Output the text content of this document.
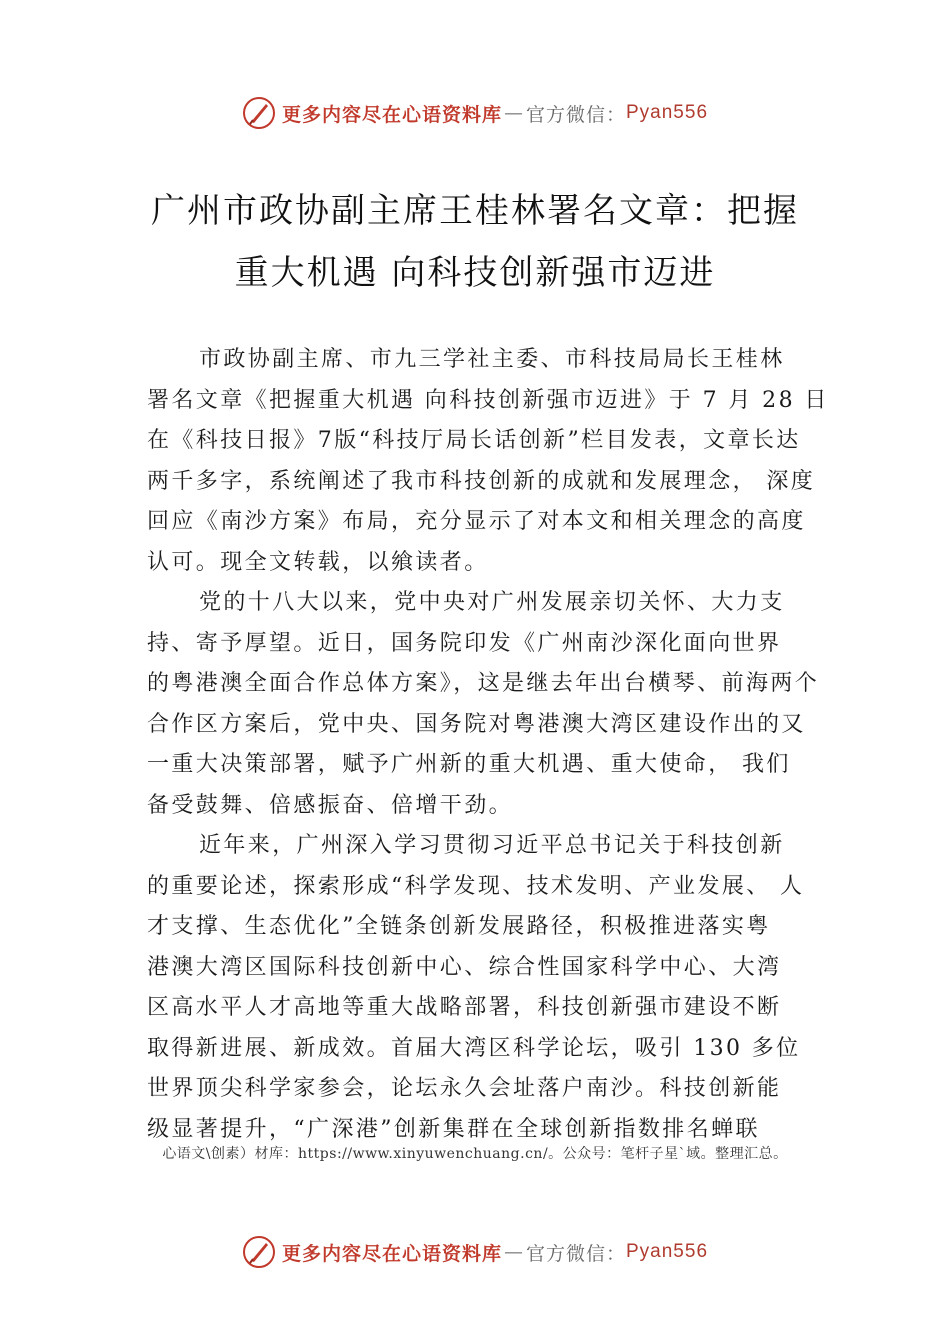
更多内容尽在心语资料库 — 官方微信： Pyan556
广州市政协副主席王桂林署名文章：把握
重大机遇 向科技创新强市迈进
市政协副主席、市九三学社主委、市科技局局长王桂林
署名文章《把握重大机遇 向科技创新强市迈进》于 7 月 28 日
在《科技日报》7版“科技厅局长话创新”栏目发表，文章长达
两千多字，系统阐述了我市科技创新的成就和发展理念， 深度
回应《南沙方案》布局，充分显示了对本文和相关理念的高度
认可。现全文转载，以飨读者。
党的十八大以来，党中央对广州发展亲切关怀、大力支
持、寄予厚望。近日，国务院印发《广州南沙深化面向世界
的粤港澳全面合作总体方案》，这是继去年出台横琴、前海两个
合作区方案后，党中央、国务院对粤港澳大湾区建设作出的又
一重大决策部署，赋予广州新的重大机遇、重大使命， 我们
备受鼓舞、倍感振奋、倍增干劲。
近年来，广州深入学习贯彻习近平总书记关于科技创新
的重要论述，探索形成“科学发现、技术发明、产业发展、 人
才支撑、生态优化”全链条创新发展路径，积极推进落实粤
港澳大湾区国际科技创新中心、综合性国家科学中心、大湾
区高水平人才高地等重大战略部署，科技创新强市建设不断
取得新进展、新成效。首届大湾区科学论坛，吸引 130 多位
世界顶尖科学家参会，论坛永久会址落户南沙。科技创新能
级显著提升，“广深港”创新集群在全球创新指数排名蝉联
心语文\创素）材库：https://www.xinyuwenchuang.cn/。公众号：笔杆子星`域。整理汇总。
更多内容尽在心语资料库 — 官方微信： Pyan556
